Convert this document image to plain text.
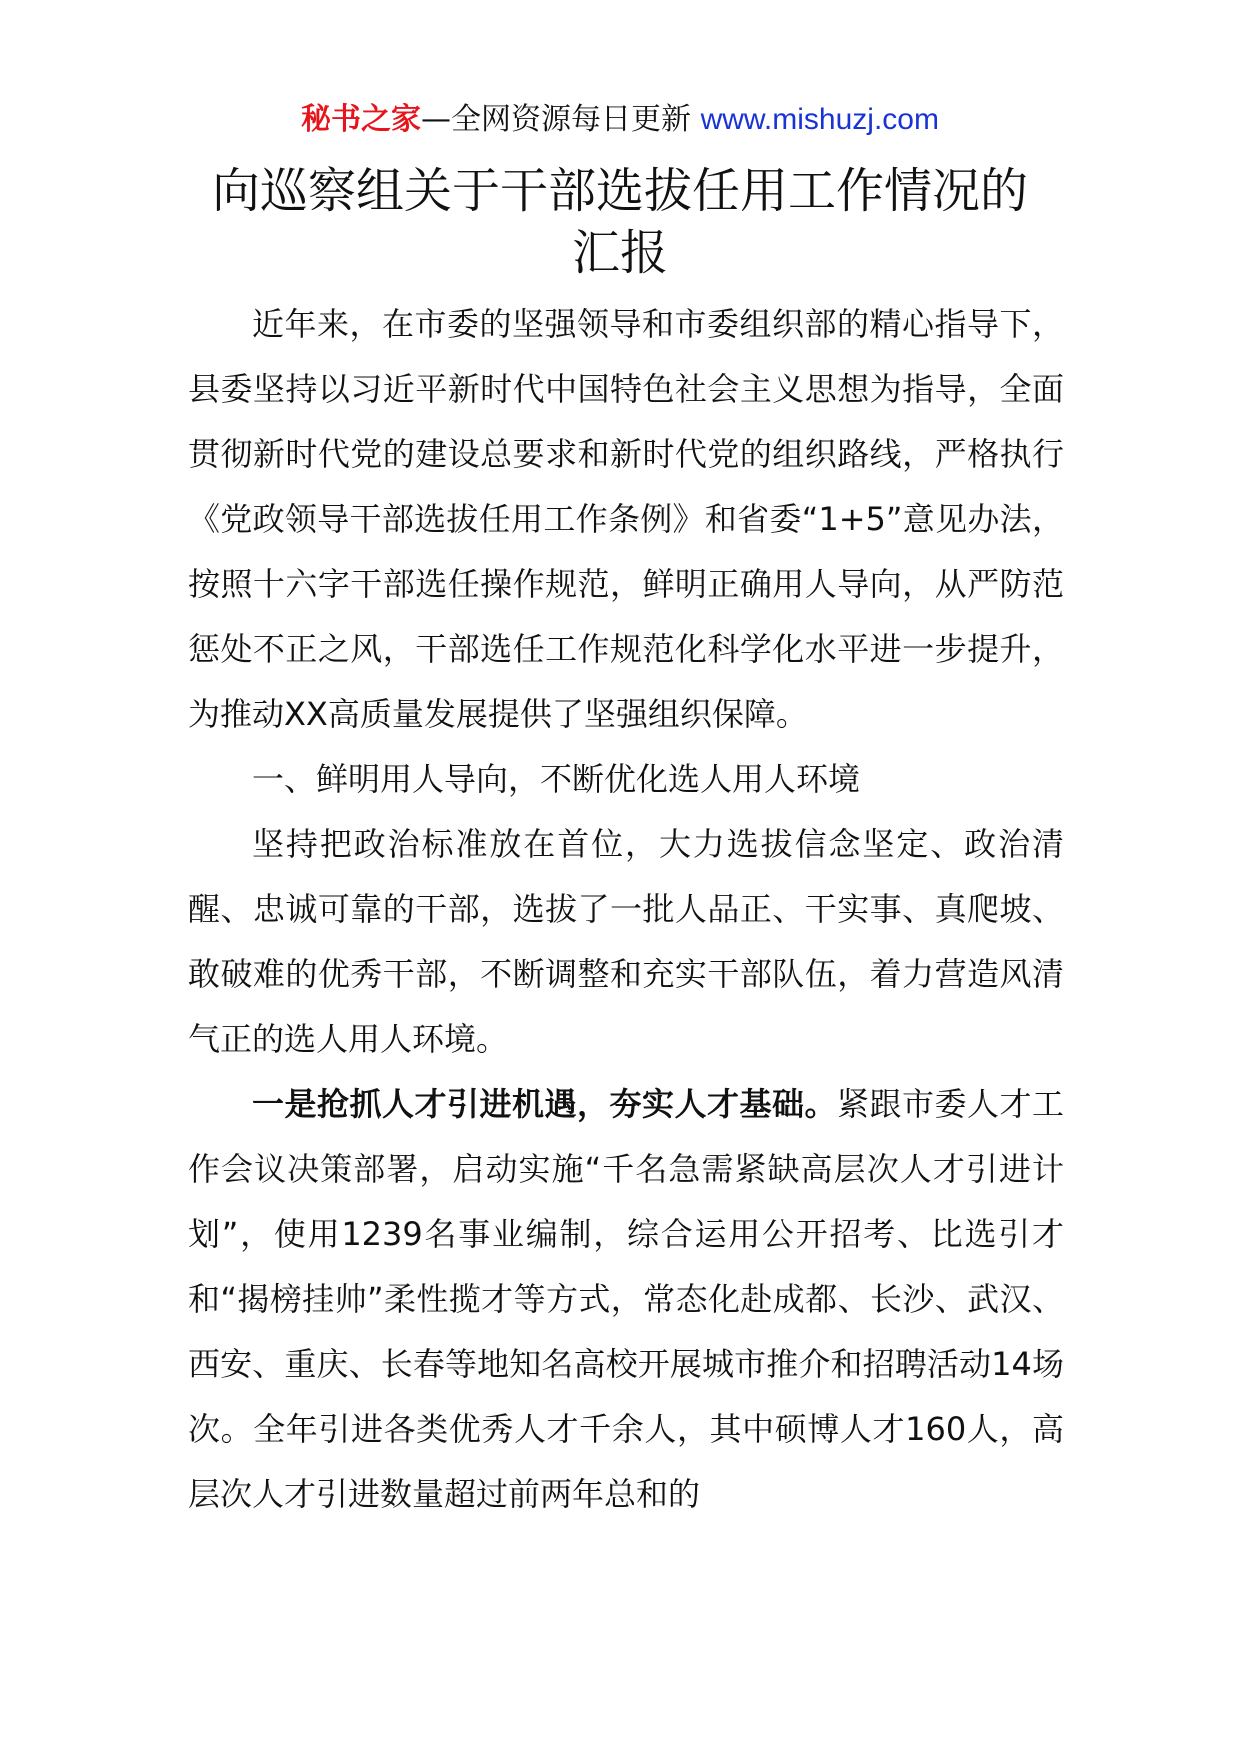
秘书之家—全网资源每日更新 www.mishuzj.com
向巡察组关于干部选拔任用工作情况的
汇报

近年来，在市委的坚强领导和市委组织部的精心指导下，县委坚持以习近平新时代中国特色社会主义思想为指导，全面贯彻新时代党的建设总要求和新时代党的组织路线，严格执行《党政领导干部选拔任用工作条例》和省委“1+5”意见办法，按照十六字干部选任操作规范，鲜明正确用人导向，从严防范惩处不正之风，干部选任工作规范化科学化水平进一步提升，为推动XX高质量发展提供了坚强组织保障。

一、鲜明用人导向，不断优化选人用人环境

坚持把政治标准放在首位，大力选拔信念坚定、政治清醒、忠诚可靠的干部，选拔了一批人品正、干实事、真爬坡、敢破难的优秀干部，不断调整和充实干部队伍，着力营造风清气正的选人用人环境。

一是抢抓人才引进机遇，夯实人才基础。紧跟市委人才工作会议决策部署，启动实施“千名急需紧缺高层次人才引进计划”，使用1239名事业编制，综合运用公开招考、比选引才和“揭榜挂帅”柔性揽才等方式，常态化赴成都、长沙、武汉、西安、重庆、长春等地知名高校开展城市推介和招聘活动14场次。全年引进各类优秀人才千余人，其中硕博人才160人，高层次人才引进数量超过前两年总和的
